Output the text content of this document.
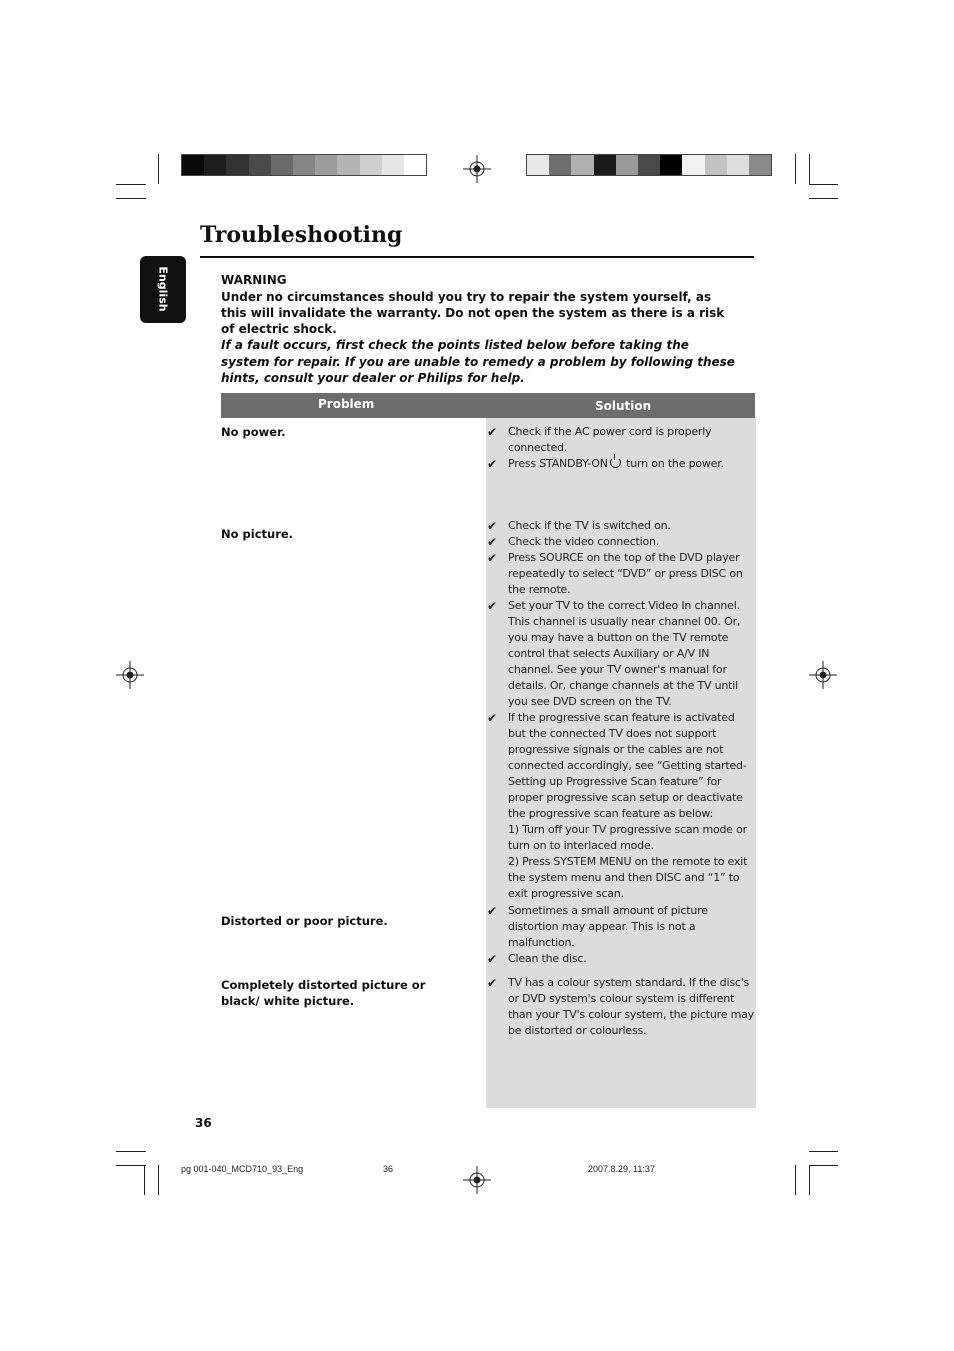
Troubleshooting
English	WARNING
Under no circumstances should you try to repair the system yourself, as this will invalidate the warranty. Do not open the system as there is a risk of electric shock.
If a fault occurs, first check the points listed below before taking the system for repair. If you are unable to remedy a problem by following these hints, consult your dealer or Philips for help.
Problem	Solution
No power.	✔ Check if the AC power cord is properly connected.
✔ Press STANDBY-ON turn on the power.
No picture.
✔ Check if the TV is switched on.
✔ Check the video connection.
✔ Press SOURCE on the top of the DVD player repeatedly to select “DVD” or press DISC on the remote.
✔ Set your TV to the correct Video In channel. This channel is usually near channel 00. Or, you may have a button on the TV remote control that selects Auxiliary or A/V IN channel. See your TV owner's manual for details. Or, change channels at the TV until you see DVD screen on the TV.
✔ If the progressive scan feature is activated but the connected TV does not support progressive signals or the cables are not connected accordingly, see “Getting started-Setting up Progressive Scan feature” for proper progressive scan setup or deactivate the progressive scan feature as below:
1) Turn off your TV progressive scan mode or turn on to interlaced mode.
2) Press SYSTEM MENU on the remote to exit the system menu and then DISC and “1” to exit progressive scan.
Distorted or poor picture.
✔ Sometimes a small amount of picture distortion may appear. This is not a malfunction.
✔ Clean the disc.
Completely distorted picture or black/ white picture.
✔ TV has a colour system standard. If the disc's or DVD system's colour system is different than your TV's colour system, the picture may be distorted or colourless.
36
pg 001-040_MCD710_93_Eng	36	2007.8.29, 11:37
